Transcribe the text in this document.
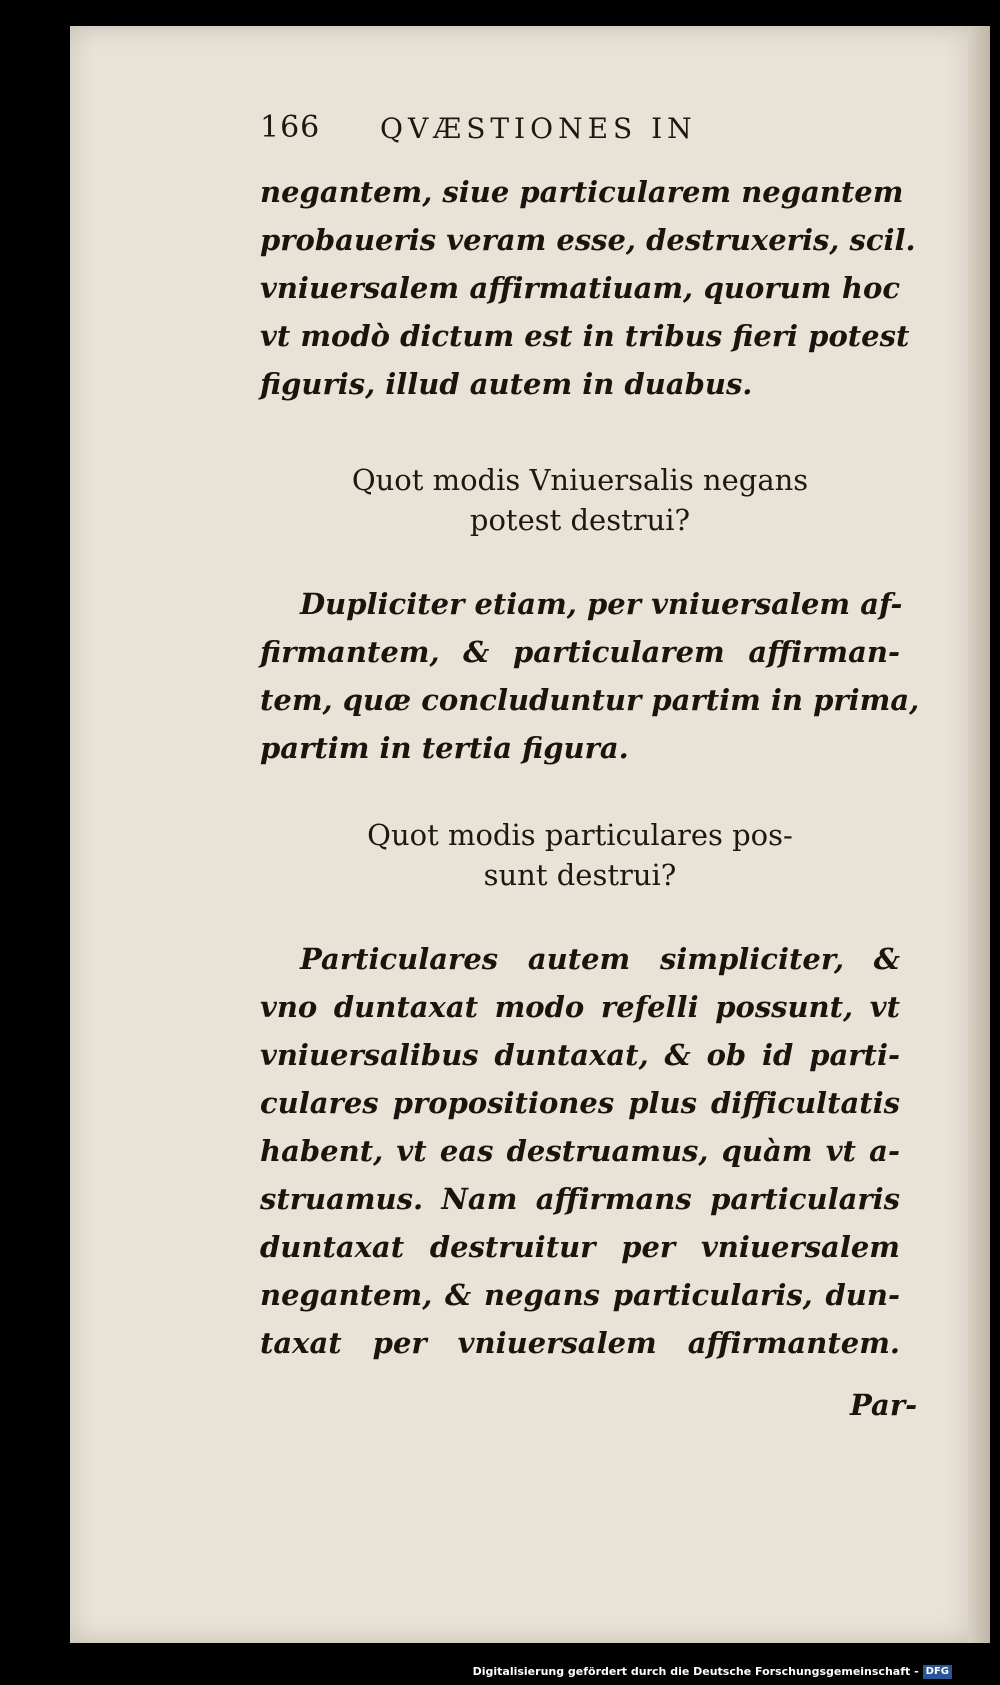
166 QVÆSTIONES IN
negantem, siue particularem negantem
probaueris veram esse, destruxeris, scil.
vniuersalem affirmatiuam, quorum hoc
vt modò dictum est in tribus fieri potest
figuris, illud autem in duabus.
Quot modis Vniuersalis negans
potest destrui?
Dupliciter etiam, per vniuersalem af-
firmantem, & particularem affirman-
tem, quæ concluduntur partim in prima,
partim in tertia figura.
Quot modis particulares pos-
sunt destrui?
Particulares autem simpliciter, &
vno duntaxat modo refelli possunt, vt
vniuersalibus duntaxat, & ob id parti-
culares propositiones plus difficultatis
habent, vt eas destruamus, quàm vt a-
struamus. Nam affirmans particularis
duntaxat destruitur per vniuersalem
negantem, & negans particularis, dun-
taxat per vniuersalem affirmantem.
Par-
Digitalisierung gefördert durch die Deutsche Forschungsgemeinschaft - DFG
